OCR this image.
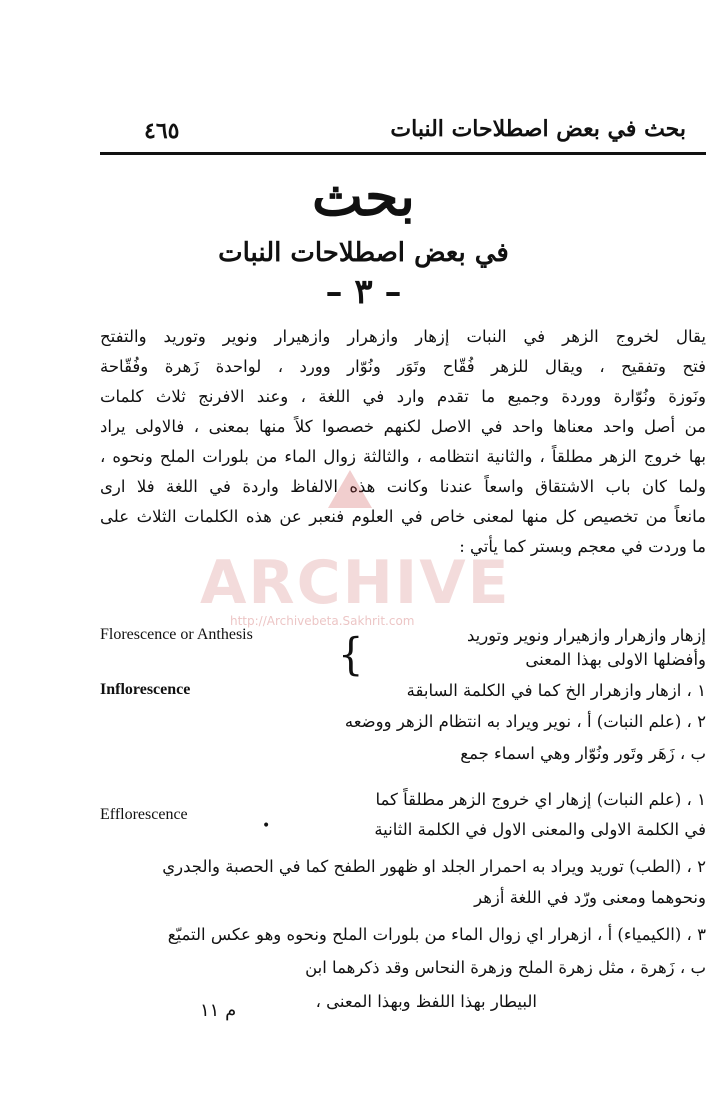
٤٦٥	بحث في بعض اصطلاحات النبات
بحث
في بعض اصطلاحات النبات
– ٣ –
يقال لخروج الزهر في النبات إزهار وازهرار وازهيرار ونوير وتوريد والتفتح
فتح وتفقيح ، ويقال للزهر فُقّاح وتَوَر ونُوّار وورد ، لواحدة زَهرة وفُقّاحة
ونَوزة ونُوّارة ووردة وجميع ما تقدم وارد في اللغة ، وعند الافرنج ثلاث كلمات
من أصل واحد معناها واحد في الاصل لكنهم خصصوا كلاً منها بمعنى ، فالاولى يراد
بها خروج الزهر مطلقاً ، والثانية انتظامه ، والثالثة زوال الماء من بلورات الملح ونحوه ،
ولما كان باب الاشتقاق واسعاً عندنا وكانت هذه الالفاظ واردة في اللغة فلا ارى
مانعاً من تخصيص كل منها لمعنى خاص في العلوم فنعبر عن هذه الكلمات الثلاث على
ما وردت في معجم وبستر كما يأتي :
ARCHIVE
http://Archivebeta.Sakhrit.com
Florescence or Anthesis {	إزهار وازهرار وازهيرار ونوير وتوريد
وأفضلها الاولى بهذا المعنى
Inflorescence	١ ، ازهار وازهرار الخ كما في الكلمة السابقة
٢ ، (علم النبات) أ ، نوير ويراد به انتظام الزهر ووضعه
ب ، زَهَر وتَور ونُوّار وهي اسماء جمع
Efflorescence
•
١ ، (علم النبات) إزهار اي خروج الزهر مطلقاً كما
في الكلمة الاولى والمعنى الاول في الكلمة الثانية
٢ ، (الطب) توريد ويراد به احمرار الجلد او ظهور الطفح كما في الحصبة والجدري
ونحوهما ومعنى ورّد في اللغة أزهر
٣ ، (الكيمياء) أ ، ازهرار اي زوال الماء من بلورات الملح ونحوه وهو عكس التميّع
ب ، زَهرة ، مثل زهرة الملح وزهرة النحاس وقد ذكرهما ابن
البيطار بهذا اللفظ وبهذا المعنى ،
م ١١
